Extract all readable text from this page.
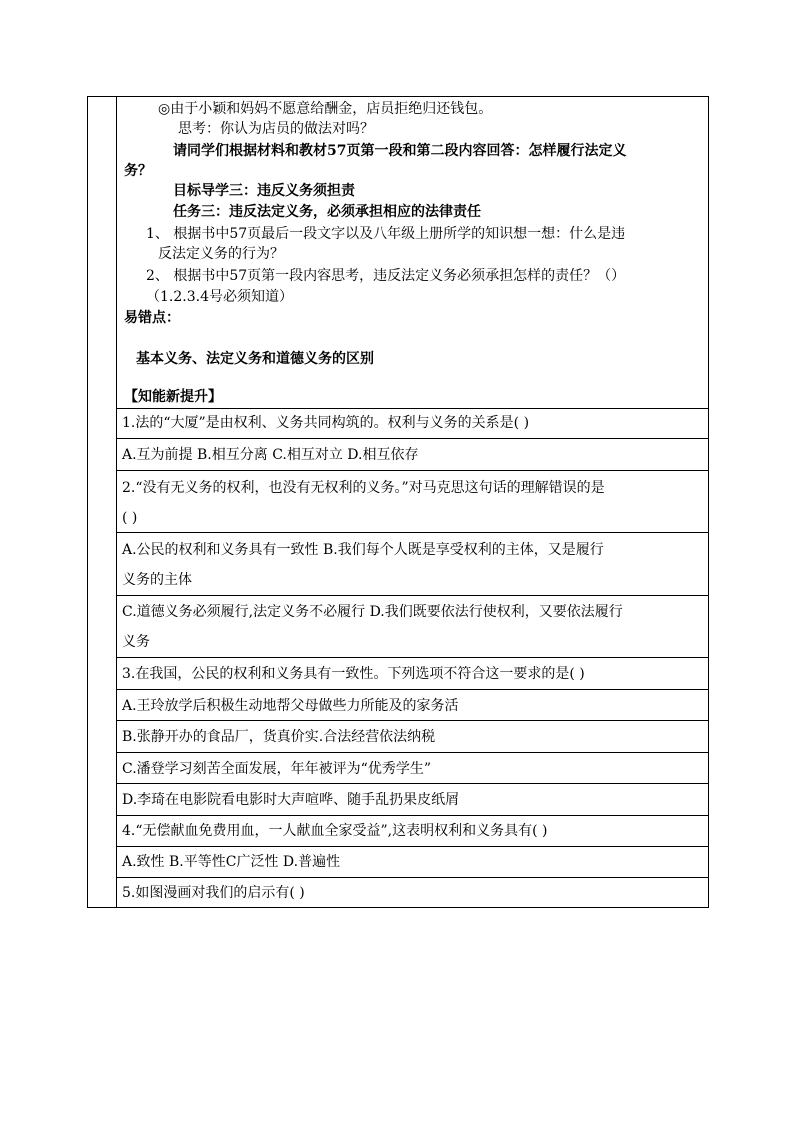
◎由于小颖和妈妈不愿意给酬金，店员拒绝归还钱包。
思考：你认为店员的做法对吗？
请同学们根据材料和教材57页第一段和第二段内容回答：怎样履行法定义
务？
目标导学三：违反义务须担责
任务三：违反法定义务，必须承担相应的法律责任
1、 根据书中57页最后一段文字以及八年级上册所学的知识想一想：什么是违
反法定义务的行为？
2、 根据书中57页第一段内容思考，违反法定义务必须承担怎样的责任？（）
（1.2.3.4号必须知道）
易错点：
基本义务、法定义务和道德义务的区别
【知能新提升】
1.法的“大厦”是由权利、义务共同构筑的。权利与义务的关系是( )
A.互为前提 B.相互分离 C.相互对立 D.相互依存
2.“没有无义务的权利，也没有无权利的义务。”对马克思这句话的理解错误的是
( )
A.公民的权利和义务具有一致性 B.我们每个人既是享受权利的主体，又是履行
义务的主体
C.道德义务必须履行,法定义务不必履行 D.我们既要依法行使权利，又要依法履行
义务
3.在我国，公民的权利和义务具有一致性。下列选项不符合这一要求的是( )
A.王玲放学后积极生动地帮父母做些力所能及的家务活
B.张静开办的食品厂，货真价实.合法经营依法纳税
C.潘登学习刻苦全面发展，年年被评为“优秀学生”
D.李琦在电影院看电影时大声喧哗、随手乱扔果皮纸屑
4.“无偿献血免费用血，一人献血全家受益”,这表明权利和义务具有( )
A.致性 B.平等性C广泛性 D.普遍性
5.如图漫画对我们的启示有( )
